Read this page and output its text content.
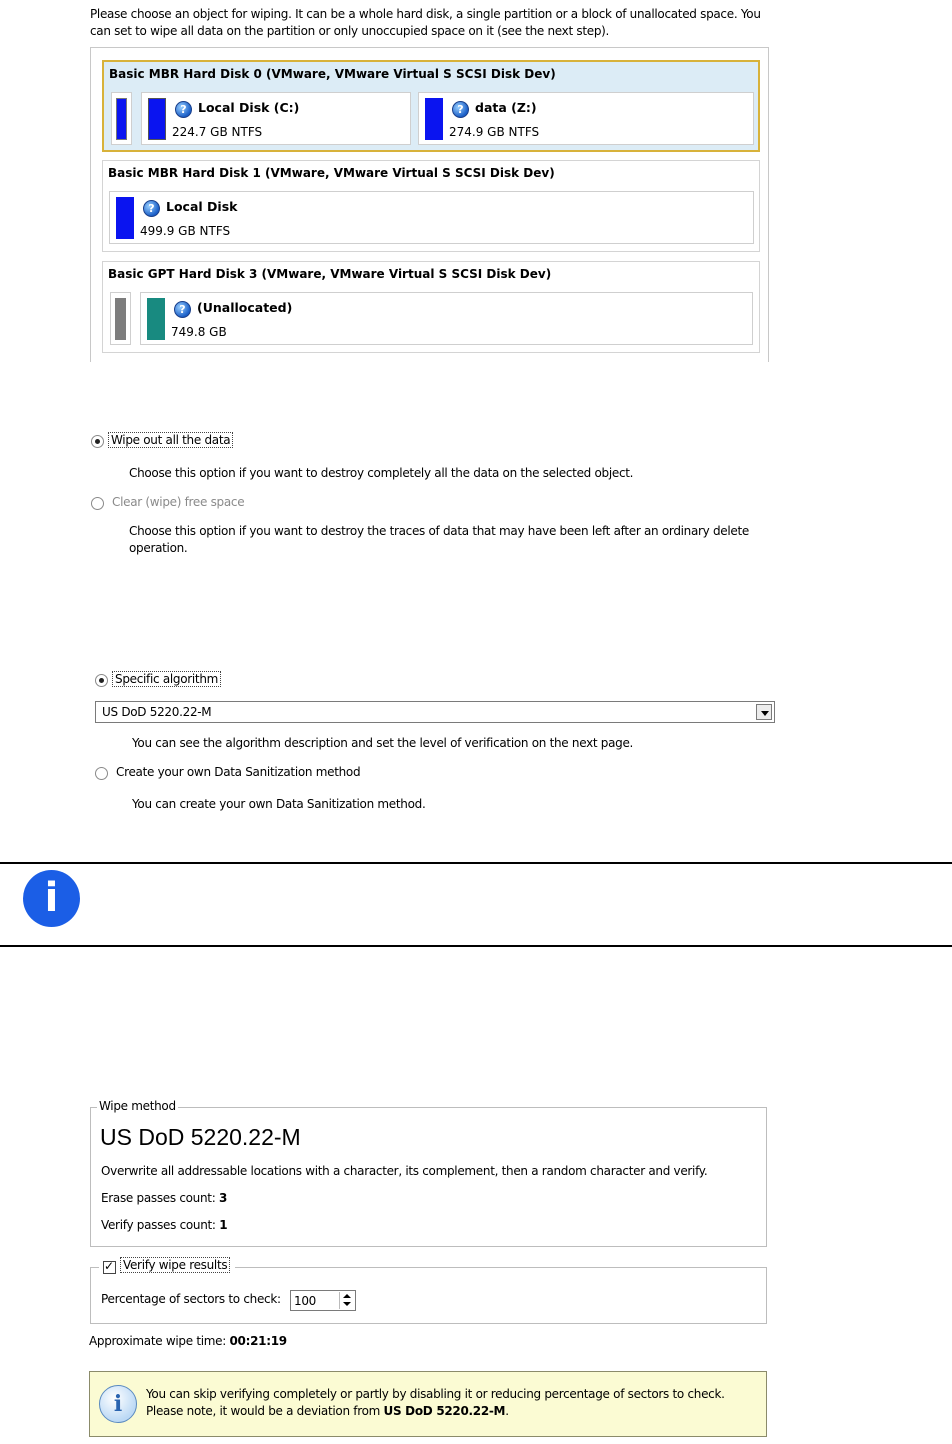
Please choose an object for wiping. It can be a whole hard disk, a single partition or a block of unallocated space. You
can set to wipe all data on the partition or only unoccupied space on it (see the next step).
Basic MBR Hard Disk 0 (VMware, VMware Virtual S SCSI Disk Dev)
? Local Disk (C:)
224.7 GB NTFS
? data (Z:)
274.9 GB NTFS
Basic MBR Hard Disk 1 (VMware, VMware Virtual S SCSI Disk Dev)
? Local Disk
499.9 GB NTFS
Basic GPT Hard Disk 3 (VMware, VMware Virtual S SCSI Disk Dev)
? (Unallocated)
749.8 GB
Wipe out all the data
Choose this option if you want to destroy completely all the data on the selected object.
Clear (wipe) free space
Choose this option if you want to destroy the traces of data that may have been left after an ordinary delete
operation.
Specific algorithm
US DoD 5220.22-M
You can see the algorithm description and set the level of verification on the next page.
Create your own Data Sanitization method
You can create your own Data Sanitization method.
i
Wipe method
US DoD 5220.22-M
Overwrite all addressable locations with a character, its complement, then a random character and verify.
Erase passes count: 3
Verify passes count: 1
✓
Verify wipe results
Percentage of sectors to check:
100
Approximate wipe time: 00:21:19
i	You can skip verifying completely or partly by disabling it or reducing percentage of sectors to check.
Please note, it would be a deviation from US DoD 5220.22-M.
